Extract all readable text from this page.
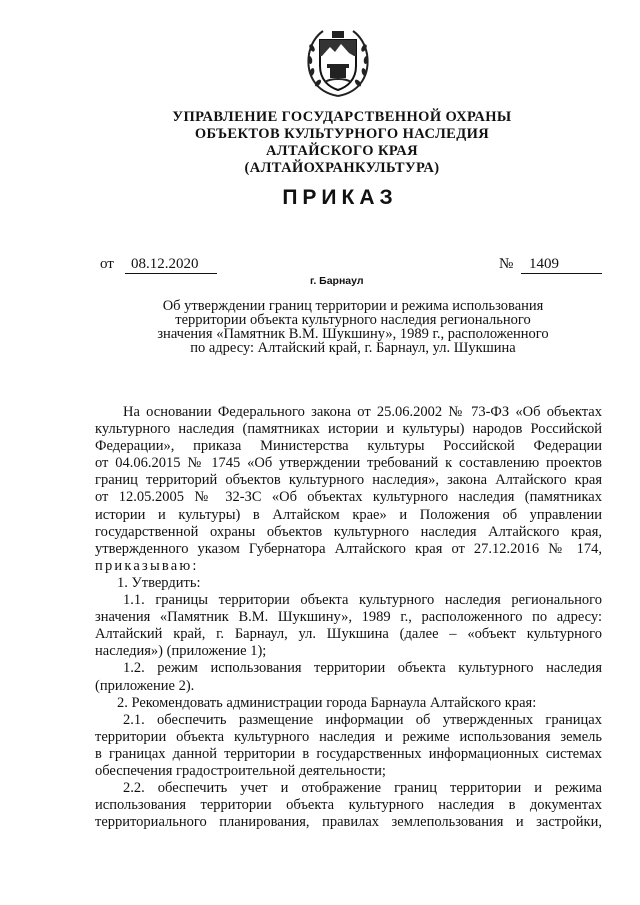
УПРАВЛЕНИЕ ГОСУДАРСТВЕННОЙ ОХРАНЫ
ОБЪЕКТОВ КУЛЬТУРНОГО НАСЛЕДИЯ
АЛТАЙСКОГО КРАЯ
(АЛТАЙОХРАНКУЛЬТУРА)
ПРИКАЗ
от	08.12.2020	№	1409
г. Барнаул
Об утверждении границ территории и режима использования
территории объекта культурного наследия регионального
значения «Памятник В.М. Шукшину», 1989 г., расположенного
по адресу: Алтайский край, г. Барнаул, ул. Шукшина

На основании Федерального закона от 25.06.2002 № 73-ФЗ «Об объектах

культурного наследия (памятниках истории и культуры) народов Российской

Федерации», приказа Министерства культуры Российской Федерации

от 04.06.2015 № 1745 «Об утверждении требований к составлению проектов

границ территорий объектов культурного наследия», закона Алтайского края

от 12.05.2005 № 32-ЗС «Об объектах культурного наследия (памятниках

истории и культуры) в Алтайском крае» и Положения об управлении

государственной охраны объектов культурного наследия Алтайского края,

утвержденного указом Губернатора Алтайского края от 27.12.2016 № 174,

приказываю:

1. Утвердить:

1.1. границы территории объекта культурного наследия регионального

значения «Памятник В.М. Шукшину», 1989 г., расположенного по адресу:

Алтайский край, г. Барнаул, ул. Шукшина (далее – «объект культурного

наследия») (приложение 1);

1.2. режим использования территории объекта культурного наследия

(приложение 2).

2. Рекомендовать администрации города Барнаула Алтайского края:

2.1. обеспечить размещение информации об утвержденных границах

территории объекта культурного наследия и режиме использования земель

в границах данной территории в государственных информационных системах

обеспечения градостроительной деятельности;

2.2. обеспечить учет и отображение границ территории и режима

использования территории объекта культурного наследия в документах

территориального планирования, правилах землепользования и застройки,
